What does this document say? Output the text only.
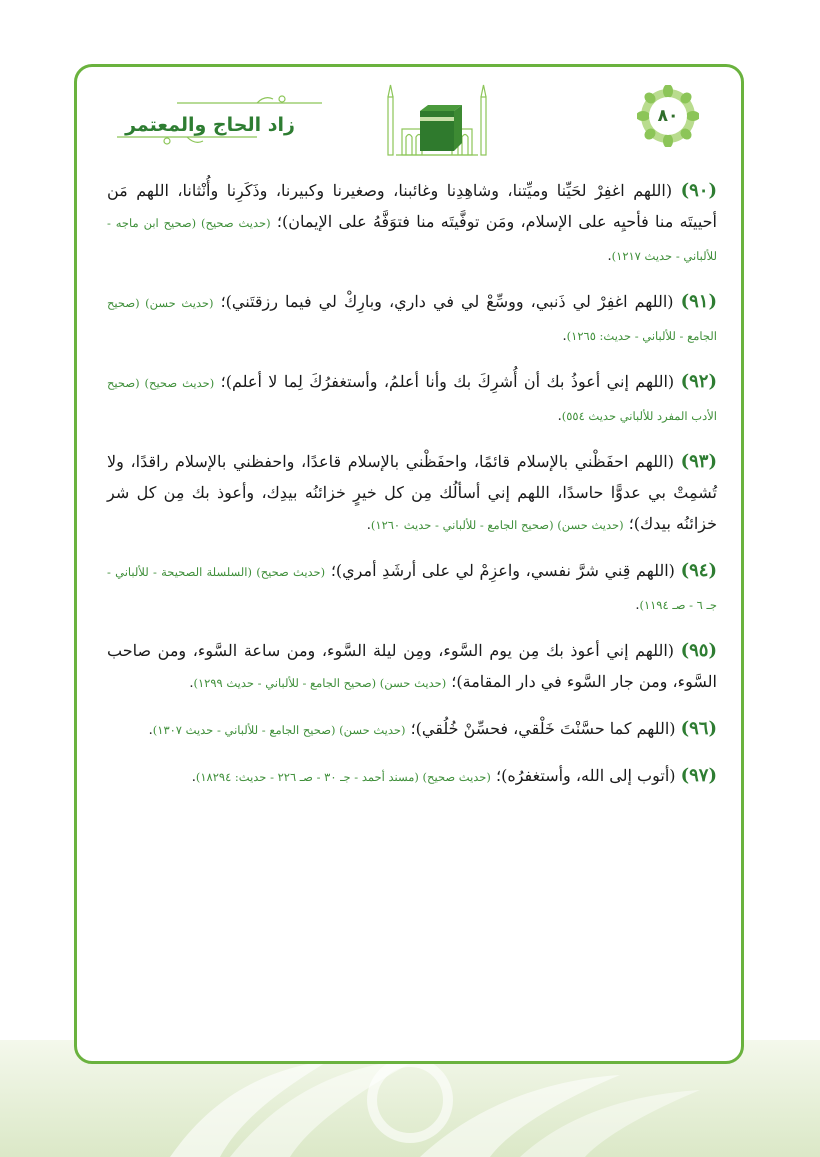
٨٠
زاد الحاج والمعتمر

(٩٠) (اللهم اغفِرْ لحَيِّنا وميِّتنا، وشاهِدِنا وغائبنا، وصغيرنا وكبيرنا، وذَكَرِنا وأُنْثانا، اللهم مَن أحييتَه منا فأحيِه على الإسلام، ومَن توفَّيتَه منا فتوَفَّهُ على الإيمان)؛ (حديث صحيح) (صحيح ابن ماجه - للألباني - حديث ١٢١٧).

(٩١) (اللهم اغفِرْ لي ذَنبي، ووسِّعْ لي في داري، وبارِكْ لي فيما رزقتَني)؛ (حديث حسن) (صحيح الجامع - للألباني - حديث: ١٢٦٥).

(٩٢) (اللهم إني أعوذُ بك أن أُشرِكَ بك وأنا أعلمُ، وأستغفرُكَ لِما لا أعلم)؛ (حديث صحيح) (صحيح الأدب المفرد للألباني حديث ٥٥٤).

(٩٣) (اللهم احفَظْني بالإسلام قائمًا، واحفَظْني بالإسلام قاعدًا، واحفظني بالإسلام راقدًا، ولا تُشمِتْ بي عدوًّا حاسدًا، اللهم إني أسألُك مِن كل خيرٍ خزائنُه بيدِك، وأعوذ بك مِن كل شر خزائنُه بيدك)؛ (حديث حسن) (صحيح الجامع - للألباني - حديث ١٢٦٠).

(٩٤) (اللهم قِني شرَّ نفسي، واعزِمْ لي على أرشَدِ أمري)؛ (حديث صحيح) (السلسلة الصحيحة - للألباني - جـ ٦ - صـ ١١٩٤).

(٩٥) (اللهم إني أعوذ بك مِن يوم السَّوء، ومِن ليلة السَّوء، ومن ساعة السَّوء، ومن صاحب السَّوء، ومن جار السَّوء في دار المقامة)؛ (حديث حسن) (صحيح الجامع - للألباني - حديث ١٢٩٩).

(٩٦) (اللهم كما حسَّنْتَ خَلْقي، فحسِّنْ خُلُقي)؛ (حديث حسن) (صحيح الجامع - للألباني - حديث ١٣٠٧).

(٩٧) (أتوب إلى الله، وأستغفرُه)؛ (حديث صحيح) (مسند أحمد - جـ ٣٠ - صـ ٢٢٦ - حديث: ١٨٢٩٤).
